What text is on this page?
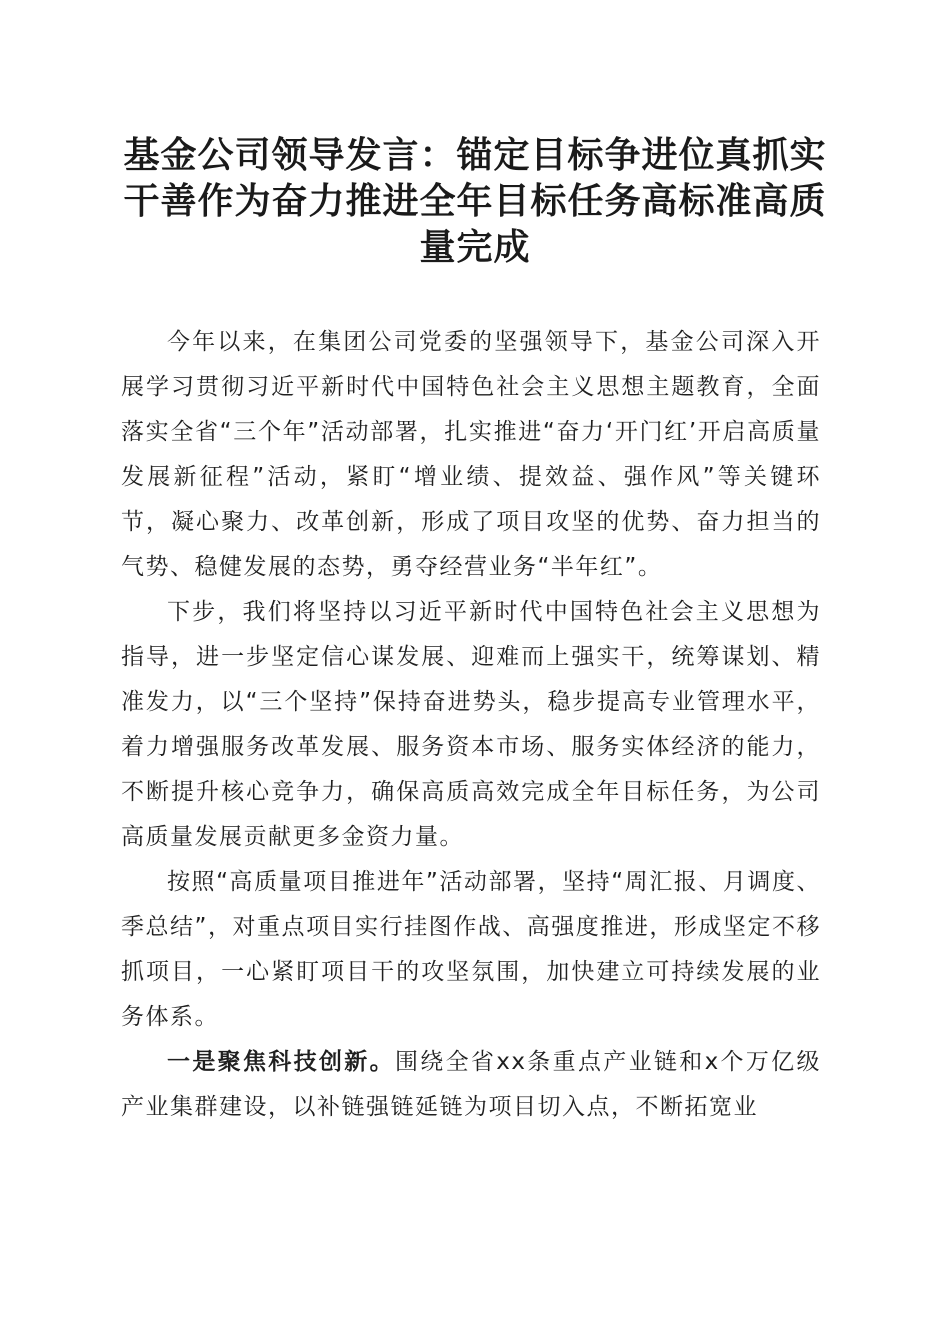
基金公司领导发言：锚定目标争进位真抓实干善作为奋力推进全年目标任务高标准高质量完成

今年以来，在集团公司党委的坚强领导下，基金公司深入开展学习贯彻习近平新时代中国特色社会主义思想主题教育，全面落实全省“三个年”活动部署，扎实推进“奋力‘开门红’开启高质量发展新征程”活动，紧盯“增业绩、提效益、强作风”等关键环节，凝心聚力、改革创新，形成了项目攻坚的优势、奋力担当的气势、稳健发展的态势，勇夺经营业务“半年红”。

下步，我们将坚持以习近平新时代中国特色社会主义思想为指导，进一步坚定信心谋发展、迎难而上强实干，统筹谋划、精准发力，以“三个坚持”保持奋进势头，稳步提高专业管理水平，着力增强服务改革发展、服务资本市场、服务实体经济的能力，不断提升核心竞争力，确保高质高效完成全年目标任务，为公司高质量发展贡献更多金资力量。

按照“高质量项目推进年”活动部署，坚持“周汇报、月调度、季总结”，对重点项目实行挂图作战、高强度推进，形成坚定不移抓项目，一心紧盯项目干的攻坚氛围，加快建立可持续发展的业务体系。

一是聚焦科技创新。围绕全省xx条重点产业链和x个万亿级产业集群建设，以补链强链延链为项目切入点，不断拓宽业
